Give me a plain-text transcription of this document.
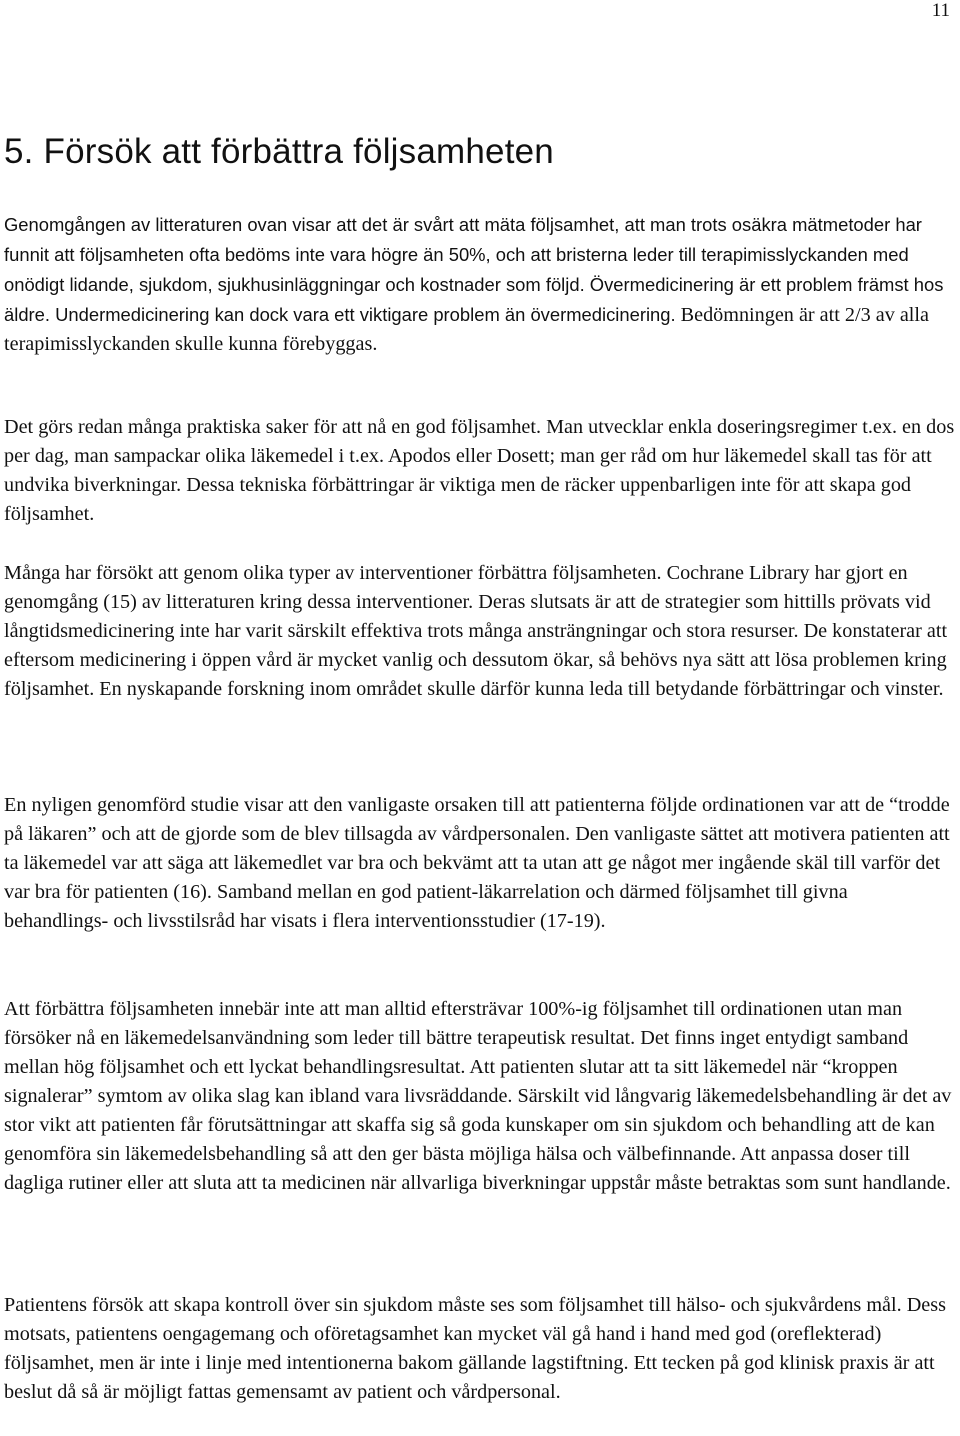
11
5. Försök att förbättra följsamheten

Genomgången av litteraturen ovan visar att det är svårt att mäta följsamhet, att man trots osäkra mätmetoder har funnit att följsamheten ofta bedöms inte vara högre än 50%, och att bristerna leder till terapimisslyckanden med onödigt lidande, sjukdom, sjukhusinläggningar och kostnader som följd. Övermedicinering är ett problem främst hos äldre. Undermedicinering kan dock vara ett viktigare problem än övermedicinering. Bedömningen är att 2/3 av alla terapimisslyckanden skulle kunna förebyggas.

Det görs redan många praktiska saker för att nå en god följsamhet. Man utvecklar enkla doseringsregimer t.ex. en dos per dag, man sampackar olika läkemedel i t.ex. Apodos eller Dosett; man ger råd om hur läkemedel skall tas för att undvika biverkningar. Dessa tekniska förbättringar är viktiga men de räcker uppenbarligen inte för att skapa god följsamhet.

Många har försökt att genom olika typer av interventioner förbättra följsamheten. Cochrane Library har gjort en genomgång (15) av litteraturen kring dessa interventioner. Deras slutsats är att de strategier som hittills prövats vid långtidsmedicinering inte har varit särskilt effektiva trots många ansträngningar och stora resurser. De konstaterar att eftersom medicinering i öppen vård är mycket vanlig och dessutom ökar, så behövs nya sätt att lösa problemen kring följsamhet. En nyskapande forskning inom området skulle därför kunna leda till betydande förbättringar och vinster.

En nyligen genomförd studie visar att den vanligaste orsaken till att patienterna följde ordinationen var att de “trodde på läkaren” och att de gjorde som de blev tillsagda av vårdpersonalen. Den vanligaste sättet att motivera patienten att ta läkemedel var att säga att läkemedlet var bra och bekvämt att ta utan att ge något mer ingående skäl till varför det var bra för patienten (16). Samband mellan en god patient-läkarrelation och därmed följsamhet till givna behandlings- och livsstilsråd har visats i flera interventionsstudier (17-19).

Att förbättra följsamheten innebär inte att man alltid eftersträvar 100%-ig följsamhet till ordinationen utan man försöker nå en läkemedelsanvändning som leder till bättre terapeutisk resultat. Det finns inget entydigt samband mellan hög följsamhet och ett lyckat behandlingsresultat. Att patienten slutar att ta sitt läkemedel när “kroppen signalerar” symtom av olika slag kan ibland vara livsräddande. Särskilt vid långvarig läkemedelsbehandling är det av stor vikt att patienten får förutsättningar att skaffa sig så goda kunskaper om sin sjukdom och behandling att de kan genomföra sin läkemedelsbehandling så att den ger bästa möjliga hälsa och välbefinnande. Att anpassa doser till dagliga rutiner eller att sluta att ta medicinen när allvarliga biverkningar uppstår måste betraktas som sunt handlande.

Patientens försök att skapa kontroll över sin sjukdom måste ses som följsamhet till hälso- och sjukvårdens mål. Dess motsats, patientens oengagemang och oföretagsamhet kan mycket väl gå hand i hand med god (oreflekterad) följsamhet, men är inte i linje med intentionerna bakom gällande lagstiftning. Ett tecken på god klinisk praxis är att beslut då så är möjligt fattas gemensamt av patient och vårdpersonal.
